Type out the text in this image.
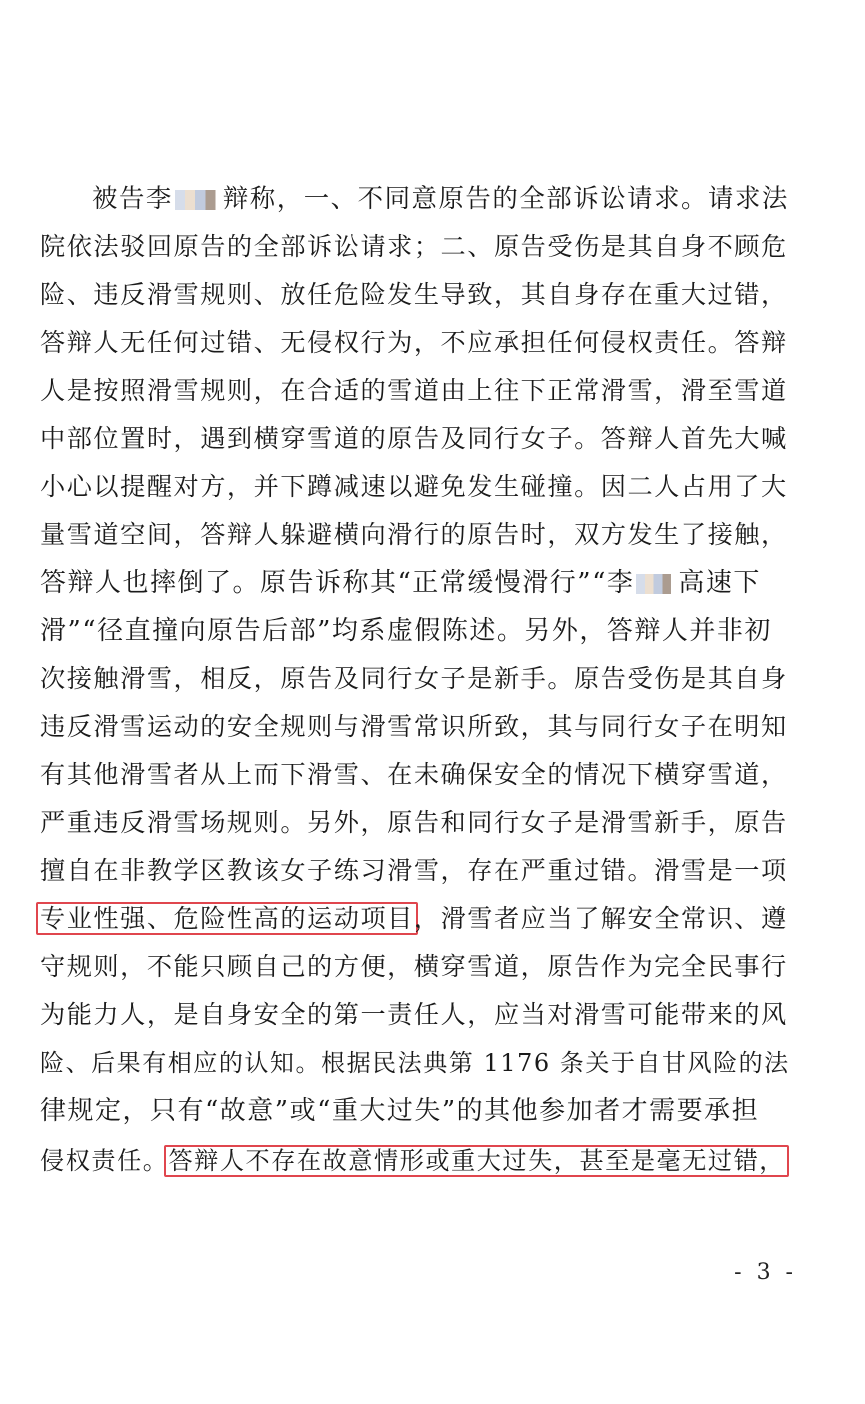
被告李 辩称，一、不同意原告的全部诉讼请求。请求法
院依法驳回原告的全部诉讼请求；二、原告受伤是其自身不顾危
险、违反滑雪规则、放任危险发生导致，其自身存在重大过错，
答辩人无任何过错、无侵权行为，不应承担任何侵权责任。答辩
人是按照滑雪规则，在合适的雪道由上往下正常滑雪，滑至雪道
中部位置时，遇到横穿雪道的原告及同行女子。答辩人首先大喊
小心以提醒对方，并下蹲减速以避免发生碰撞。因二人占用了大
量雪道空间，答辩人躲避横向滑行的原告时，双方发生了接触，
答辩人也摔倒了。原告诉称其“正常缓慢滑行”“李 高速下
滑”“径直撞向原告后部”均系虚假陈述。另外，答辩人并非初
次接触滑雪，相反，原告及同行女子是新手。原告受伤是其自身
违反滑雪运动的安全规则与滑雪常识所致，其与同行女子在明知
有其他滑雪者从上而下滑雪、在未确保安全的情况下横穿雪道，
严重违反滑雪场规则。另外，原告和同行女子是滑雪新手，原告
擅自在非教学区教该女子练习滑雪，存在严重过错。滑雪是一项
专业性强、危险性高的运动项目，滑雪者应当了解安全常识、遵
守规则，不能只顾自己的方便，横穿雪道，原告作为完全民事行
为能力人，是自身安全的第一责任人，应当对滑雪可能带来的风
险、后果有相应的认知。根据民法典第 1176 条关于自甘风险的法
律规定，只有“故意”或“重大过失”的其他参加者才需要承担
侵权责任。答辩人不存在故意情形或重大过失，甚至是毫无过错，
- 3 -
